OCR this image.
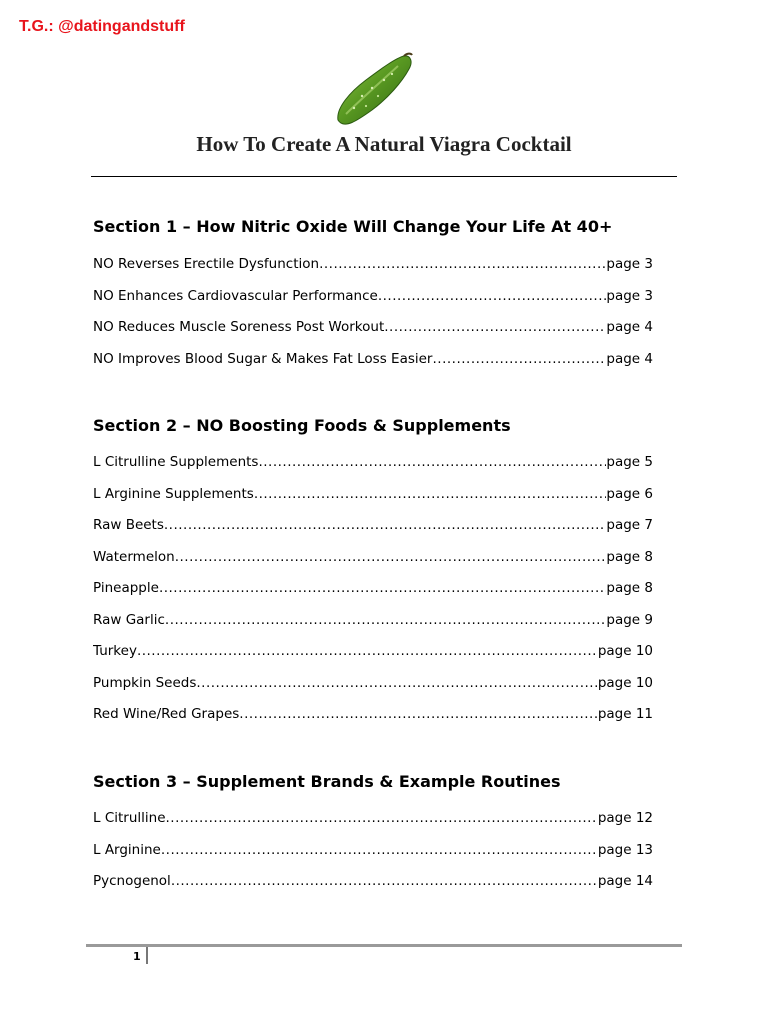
T.G.: @datingandstuff

How To Create A Natural Viagra Cocktail
Section 1 – How Nitric Oxide Will Change Your Life At 40+
NO Reverses Erectile Dysfunction .....	page 3
NO Enhances Cardiovascular Performance .....	page 3
NO Reduces Muscle Soreness Post Workout .....	page 4
NO Improves Blood Sugar & Makes Fat Loss Easier .....	page 4
Section 2 – NO Boosting Foods & Supplements
L Citrulline Supplements .....	page 5
L Arginine Supplements .....	page 6
Raw Beets .....	page 7
Watermelon .....	page 8
Pineapple .....	page 8
Raw Garlic .....	page 9
Turkey .....	page 10
Pumpkin Seeds .....	page 10
Red Wine/Red Grapes .....	page 11
Section 3 – Supplement Brands & Example Routines
L Citrulline .....	page 12
L Arginine .....	page 13
Pycnogenol .....	page 14

1
